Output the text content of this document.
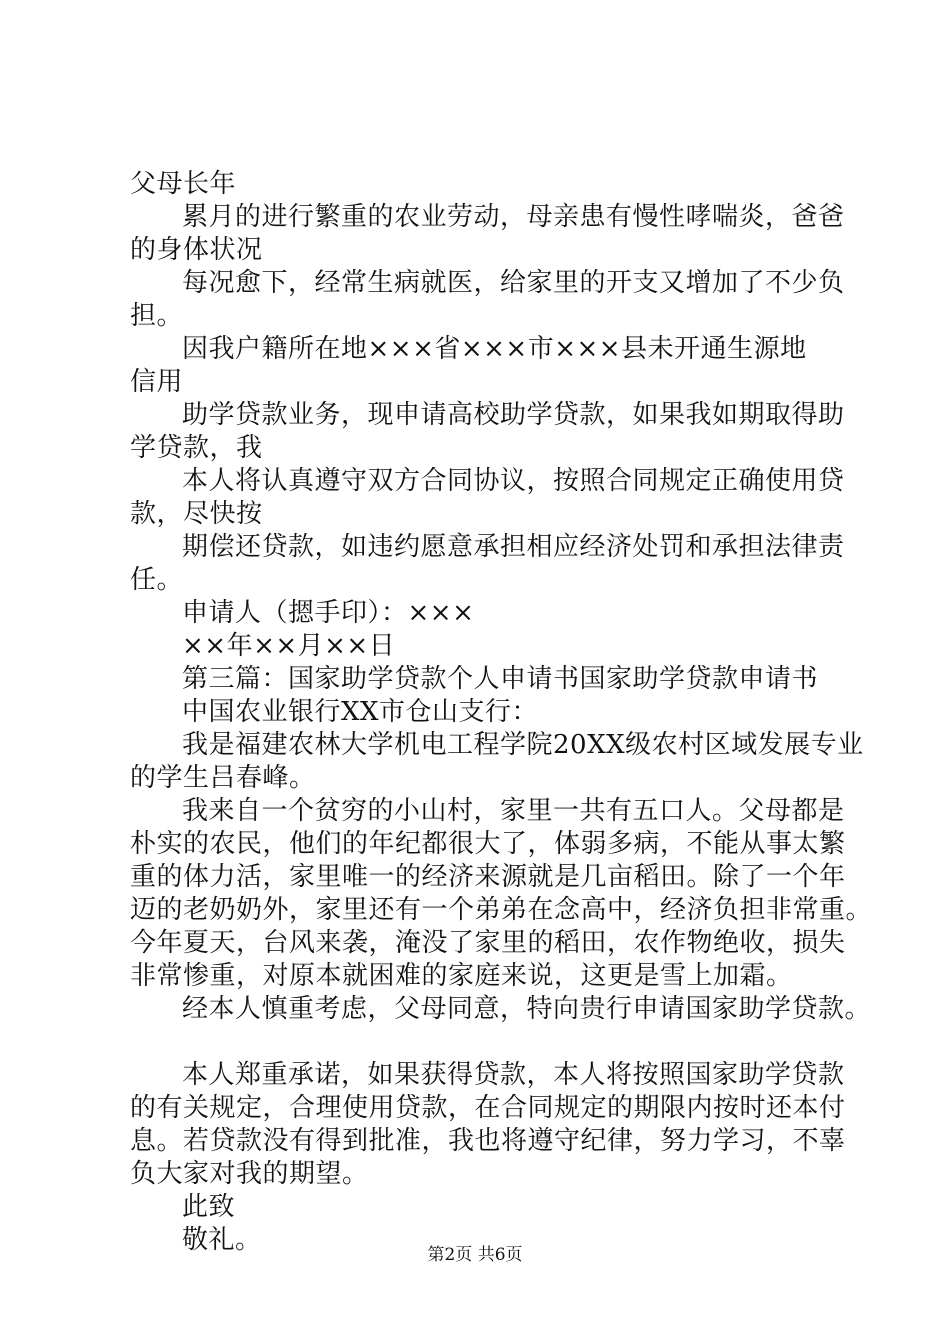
父母长年
累月的进行繁重的农业劳动，母亲患有慢性哮喘炎，爸爸
的身体状况
每况愈下，经常生病就医，给家里的开支又增加了不少负
担。
因我户籍所在地×××省×××市×××县未开通生源地
信用
助学贷款业务，现申请高校助学贷款，如果我如期取得助
学贷款，我
本人将认真遵守双方合同协议，按照合同规定正确使用贷
款，尽快按
期偿还贷款，如违约愿意承担相应经济处罚和承担法律责
任。
申请人（摁手印）：×××
××年××月××日
第三篇：国家助学贷款个人申请书国家助学贷款申请书
中国农业银行XX市仓山支行：
我是福建农林大学机电工程学院20XX级农村区域发展专业
的学生吕春峰。
我来自一个贫穷的小山村，家里一共有五口人。父母都是
朴实的农民，他们的年纪都很大了，体弱多病，不能从事太繁
重的体力活，家里唯一的经济来源就是几亩稻田。除了一个年
迈的老奶奶外，家里还有一个弟弟在念高中，经济负担非常重。
今年夏天，台风来袭，淹没了家里的稻田，农作物绝收，损失
非常惨重，对原本就困难的家庭来说，这更是雪上加霜。
经本人慎重考虑，父母同意，特向贵行申请国家助学贷款。
本人郑重承诺，如果获得贷款，本人将按照国家助学贷款
的有关规定，合理使用贷款，在合同规定的期限内按时还本付
息。若贷款没有得到批准，我也将遵守纪律，努力学习，不辜
负大家对我的期望。
此致
敬礼。	第2页 共6页
